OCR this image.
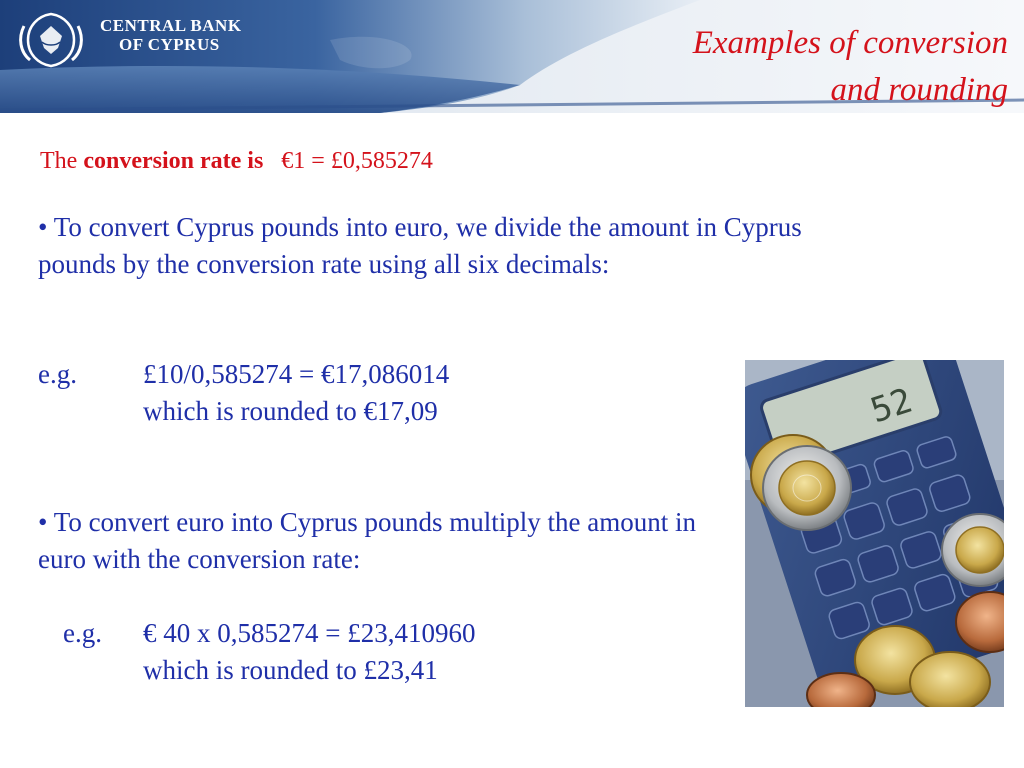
CENTRAL BANK
OF CYPRUS	Examples of conversion
and rounding
The conversion rate is €1 = £0,585274
• To convert Cyprus pounds into euro, we divide the amount in Cyprus pounds by the conversion rate using all six decimals:
e.g. £10/0,585274 = €17,086014
which is rounded to €17,09
• To convert euro into Cyprus pounds multiply the amount in euro with the conversion rate:
e.g. € 40 x 0,585274 = £23,410960
which is rounded to £23,41
52
